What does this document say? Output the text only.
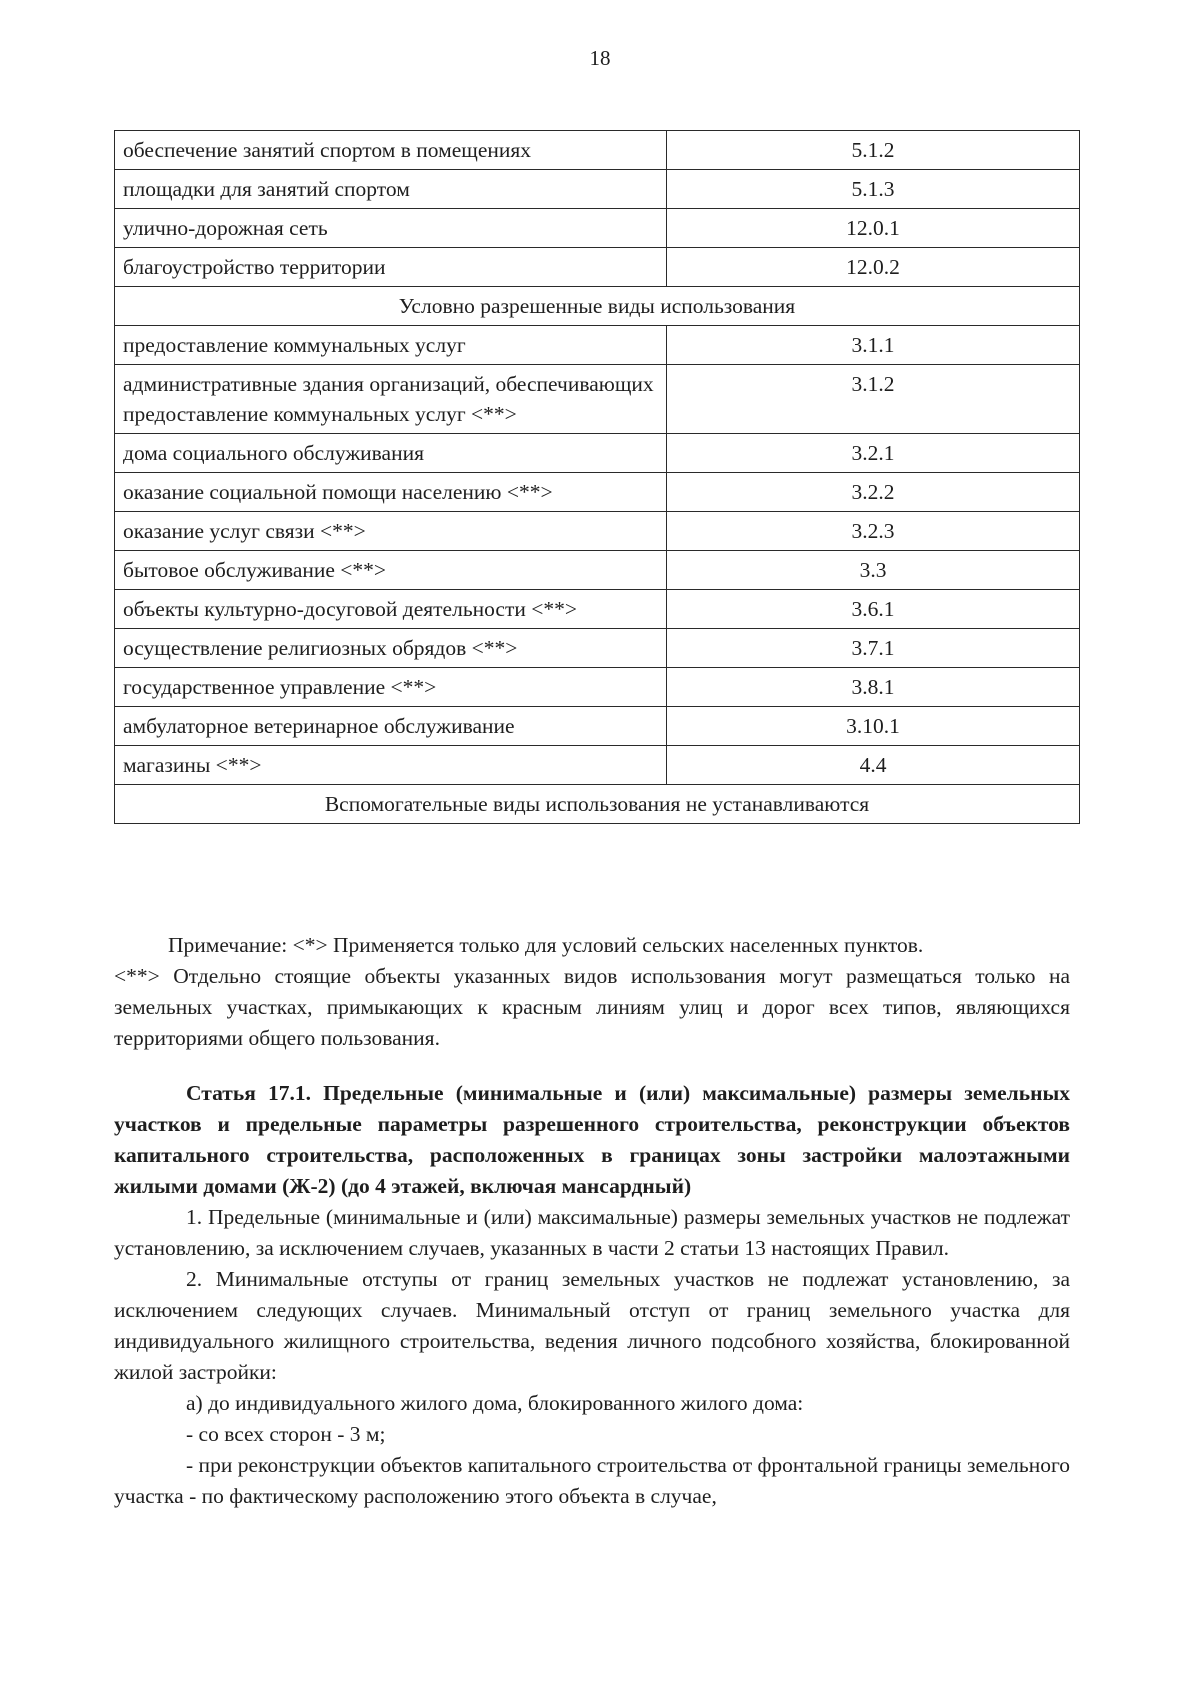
18
обеспечение занятий спортом в помещениях	5.1.2
площадки для занятий спортом	5.1.3
улично-дорожная сеть	12.0.1
благоустройство территории	12.0.2
Условно разрешенные виды использования	
предоставление коммунальных услуг	3.1.1
административные здания организаций, обеспечивающих предоставление коммунальных услуг <**>	3.1.2
дома социального обслуживания	3.2.1
оказание социальной помощи населению <**>	3.2.2
оказание услуг связи <**>	3.2.3
бытовое обслуживание <**>	3.3
объекты культурно-досуговой деятельности <**>	3.6.1
осуществление религиозных обрядов <**>	3.7.1
государственное управление <**>	3.8.1
амбулаторное ветеринарное обслуживание	3.10.1
магазины <**>	4.4
Вспомогательные виды использования не устанавливаются	

Примечание: <*> Применяется только для условий сельских населенных пунктов.

<**> Отдельно стоящие объекты указанных видов использования могут размещаться только на земельных участках, примыкающих к красным линиям улиц и дорог всех типов, являющихся территориями общего пользования.

Статья 17.1. Предельные (минимальные и (или) максимальные) размеры земельных участков и предельные параметры разрешенного строительства, реконструкции объектов капитального строительства, расположенных в границах зоны застройки малоэтажными жилыми домами (Ж-2) (до 4 этажей, включая мансардный)

1. Предельные (минимальные и (или) максимальные) размеры земельных участков не подлежат установлению, за исключением случаев, указанных в части 2 статьи 13 настоящих Правил.

2. Минимальные отступы от границ земельных участков не подлежат установлению, за исключением следующих случаев. Минимальный отступ от границ земельного участка для индивидуального жилищного строительства, ведения личного подсобного хозяйства, блокированной жилой застройки:

а) до индивидуального жилого дома, блокированного жилого дома:

- со всех сторон - 3 м;

- при реконструкции объектов капитального строительства от фронтальной границы земельного участка - по фактическому расположению этого объекта в случае,
